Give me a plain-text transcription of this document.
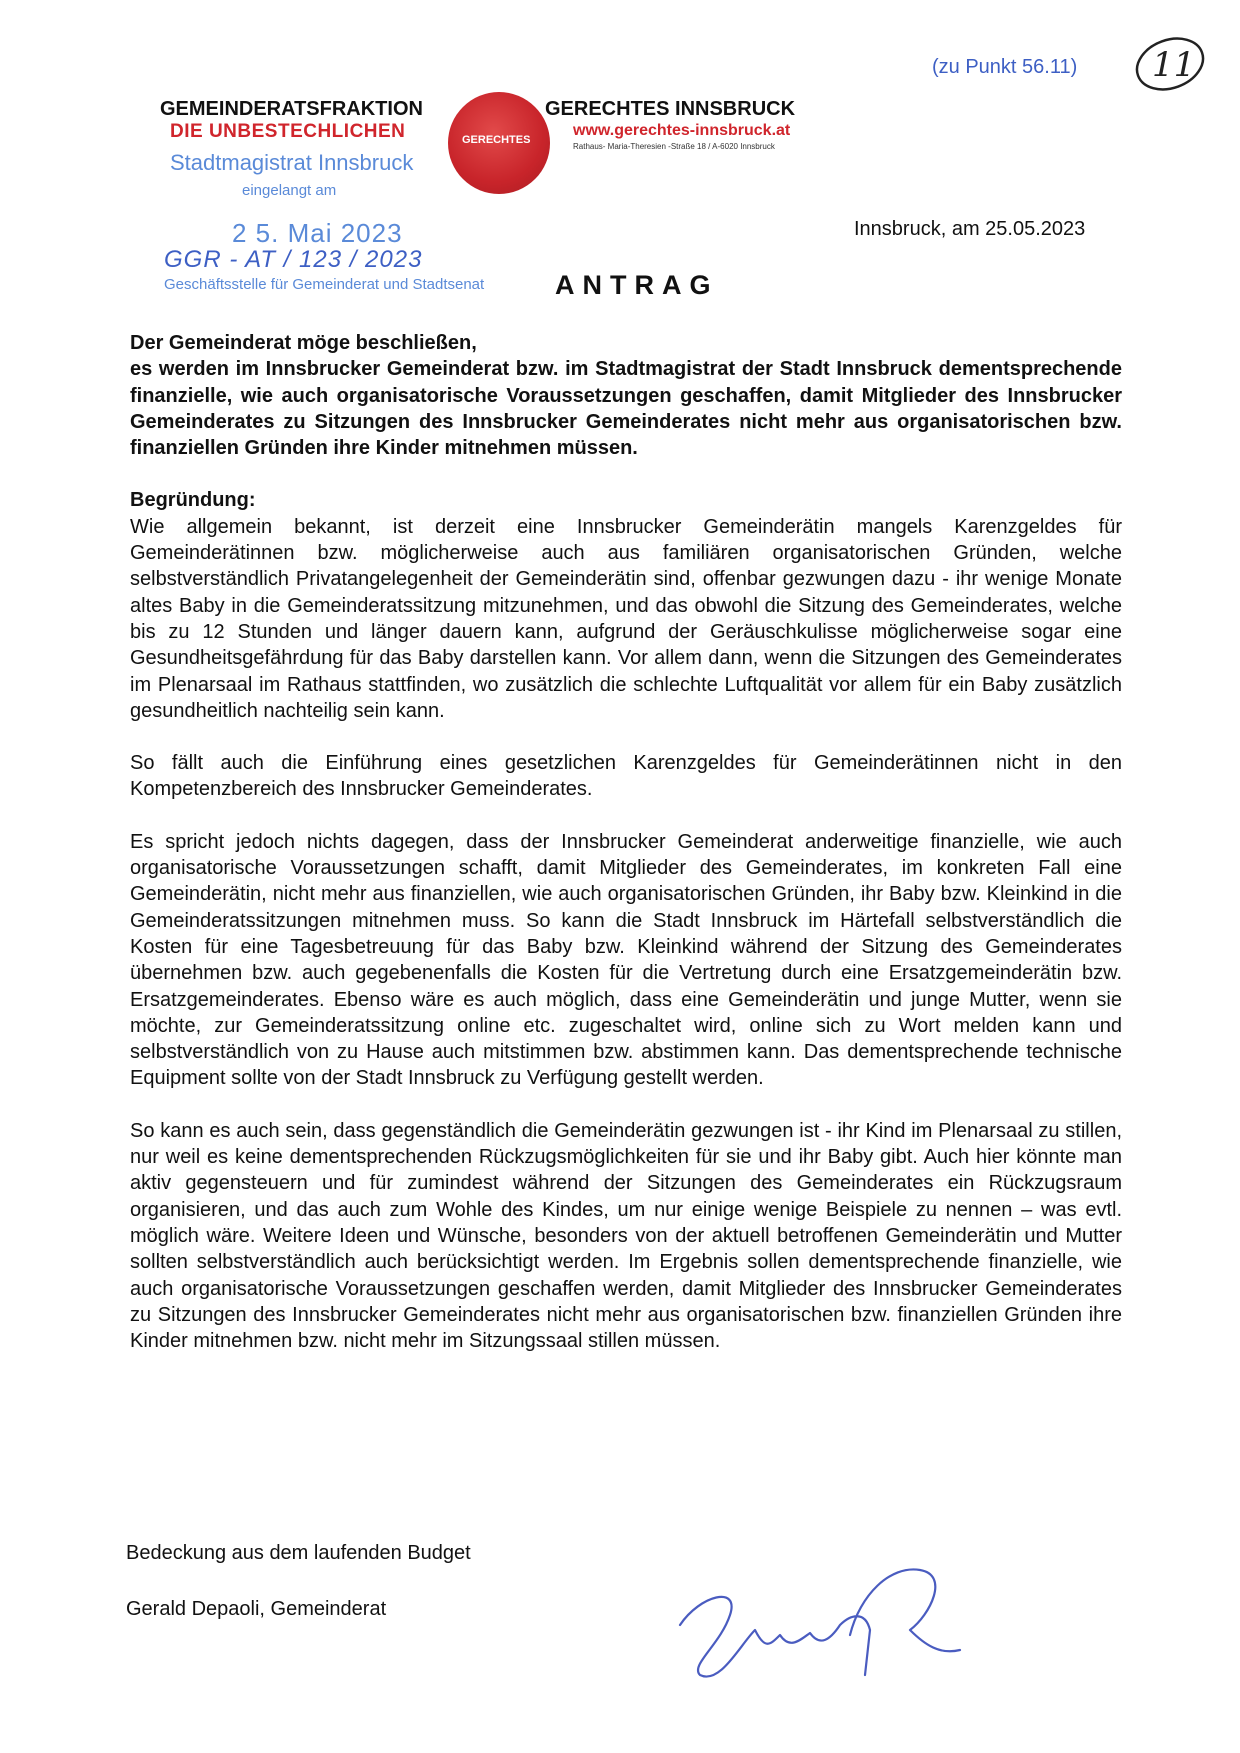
(zu Punkt 56.11) 11
GERECHTES
GEMEINDERATSFRAKTION
DIE UNBESTECHLICHEN
GERECHTES INNSBRUCK
www.gerechtes-innsbruck.at
Rathaus- Maria-Theresien -Straße 18 / A-6020 Innsbruck
Stadtmagistrat Innsbruck
eingelangt am
2 5. Mai 2023
GGR - AT / 123 / 2023
Geschäftsstelle für Gemeinderat und Stadtsenat
Innsbruck, am 25.05.2023
ANTRAG

Der Gemeinderat möge beschließen,

es werden im Innsbrucker Gemeinderat bzw. im Stadtmagistrat der Stadt Innsbruck dementsprechende finanzielle, wie auch organisatorische Voraussetzungen geschaffen, damit Mitglieder des Innsbrucker Gemeinderates zu Sitzungen des Innsbrucker Gemeinderates nicht mehr aus organisatorischen bzw. finanziellen Gründen ihre Kinder mitnehmen müssen.

Begründung:

Wie allgemein bekannt, ist derzeit eine Innsbrucker Gemeinderätin mangels Karenzgeldes für Gemeinderätinnen bzw. möglicherweise auch aus familiären organisatorischen Gründen, welche selbstverständlich Privatangelegenheit der Gemeinderätin sind, offenbar gezwungen dazu - ihr wenige Monate altes Baby in die Gemeinderatssitzung mitzunehmen, und das obwohl die Sitzung des Gemeinderates, welche bis zu 12 Stunden und länger dauern kann, aufgrund der Geräuschkulisse möglicherweise sogar eine Gesundheitsgefährdung für das Baby darstellen kann. Vor allem dann, wenn die Sitzungen des Gemeinderates im Plenarsaal im Rathaus stattfinden, wo zusätzlich die schlechte Luftqualität vor allem für ein Baby zusätzlich gesundheitlich nachteilig sein kann.

So fällt auch die Einführung eines gesetzlichen Karenzgeldes für Gemeinderätinnen nicht in den Kompetenzbereich des Innsbrucker Gemeinderates.

Es spricht jedoch nichts dagegen, dass der Innsbrucker Gemeinderat anderweitige finanzielle, wie auch organisatorische Voraussetzungen schafft, damit Mitglieder des Gemeinderates, im konkreten Fall eine Gemeinderätin, nicht mehr aus finanziellen, wie auch organisatorischen Gründen, ihr Baby bzw. Kleinkind in die Gemeinderatssitzungen mitnehmen muss. So kann die Stadt Innsbruck im Härtefall selbstverständlich die Kosten für eine Tagesbetreuung für das Baby bzw. Kleinkind während der Sitzung des Gemeinderates übernehmen bzw. auch gegebenenfalls die Kosten für die Vertretung durch eine Ersatzgemeinderätin bzw. Ersatzgemeinderates. Ebenso wäre es auch möglich, dass eine Gemeinderätin und junge Mutter, wenn sie möchte, zur Gemeinderatssitzung online etc. zugeschaltet wird, online sich zu Wort melden kann und selbstverständlich von zu Hause auch mitstimmen bzw. abstimmen kann. Das dementsprechende technische Equipment sollte von der Stadt Innsbruck zu Verfügung gestellt werden.

So kann es auch sein, dass gegenständlich die Gemeinderätin gezwungen ist - ihr Kind im Plenarsaal zu stillen, nur weil es keine dementsprechenden Rückzugsmöglichkeiten für sie und ihr Baby gibt. Auch hier könnte man aktiv gegensteuern und für zumindest während der Sitzungen des Gemeinderates ein Rückzugsraum organisieren, und das auch zum Wohle des Kindes, um nur einige wenige Beispiele zu nennen – was evtl. möglich wäre. Weitere Ideen und Wünsche, besonders von der aktuell betroffenen Gemeinderätin und Mutter sollten selbstverständlich auch berücksichtigt werden. Im Ergebnis sollen dementsprechende finanzielle, wie auch organisatorische Voraussetzungen geschaffen werden, damit Mitglieder des Innsbrucker Gemeinderates zu Sitzungen des Innsbrucker Gemeinderates nicht mehr aus organisatorischen bzw. finanziellen Gründen ihre Kinder mitnehmen bzw. nicht mehr im Sitzungssaal stillen müssen.

Bedeckung aus dem laufenden Budget
Gerald Depaoli, Gemeinderat
